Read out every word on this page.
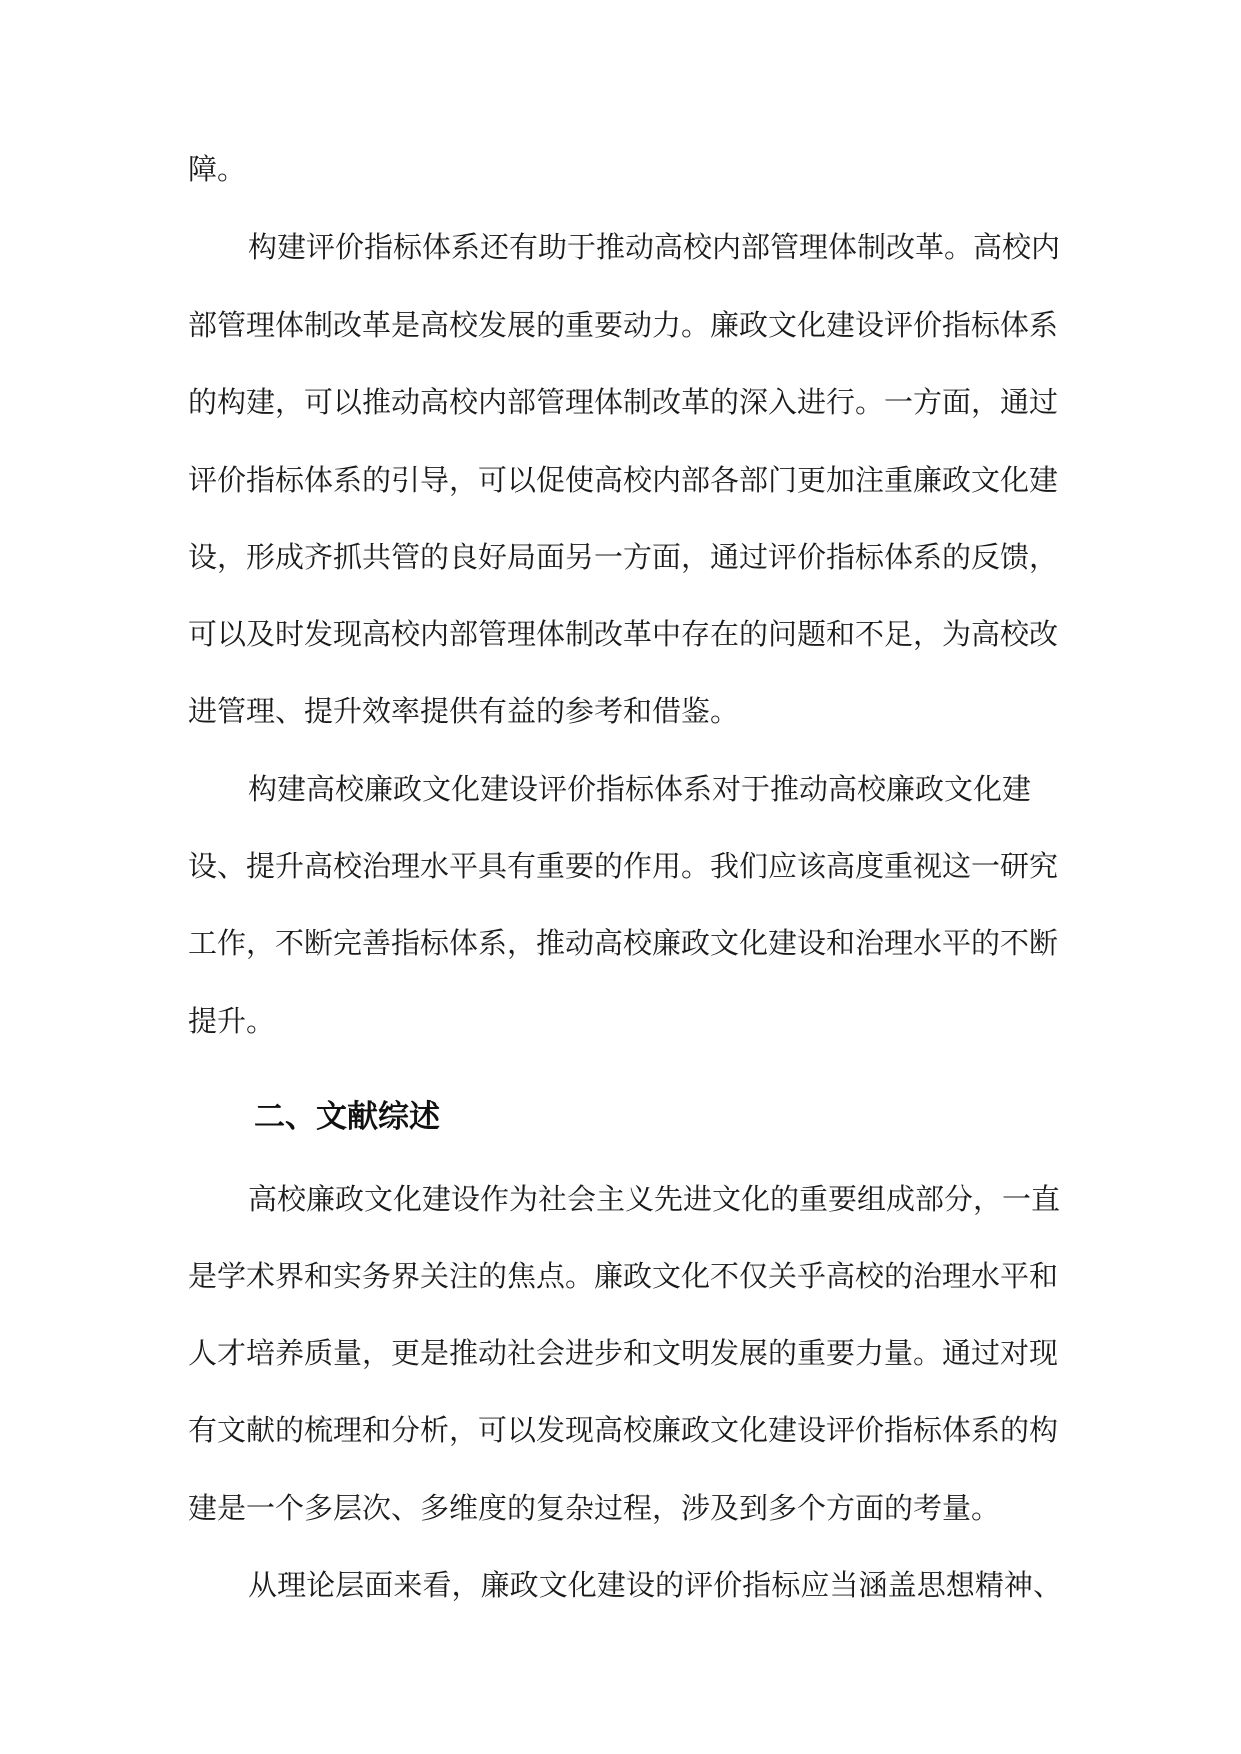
障。
构建评价指标体系还有助于推动高校内部管理体制改革。高校内
部管理体制改革是高校发展的重要动力。廉政文化建设评价指标体系
的构建，可以推动高校内部管理体制改革的深入进行。一方面，通过
评价指标体系的引导，可以促使高校内部各部门更加注重廉政文化建
设，形成齐抓共管的良好局面另一方面，通过评价指标体系的反馈，
可以及时发现高校内部管理体制改革中存在的问题和不足，为高校改
进管理、提升效率提供有益的参考和借鉴。
构建高校廉政文化建设评价指标体系对于推动高校廉政文化建
设、提升高校治理水平具有重要的作用。我们应该高度重视这一研究
工作，不断完善指标体系，推动高校廉政文化建设和治理水平的不断
提升。
二、文献综述
高校廉政文化建设作为社会主义先进文化的重要组成部分，一直
是学术界和实务界关注的焦点。廉政文化不仅关乎高校的治理水平和
人才培养质量，更是推动社会进步和文明发展的重要力量。通过对现
有文献的梳理和分析，可以发现高校廉政文化建设评价指标体系的构
建是一个多层次、多维度的复杂过程，涉及到多个方面的考量。
从理论层面来看，廉政文化建设的评价指标应当涵盖思想精神、
